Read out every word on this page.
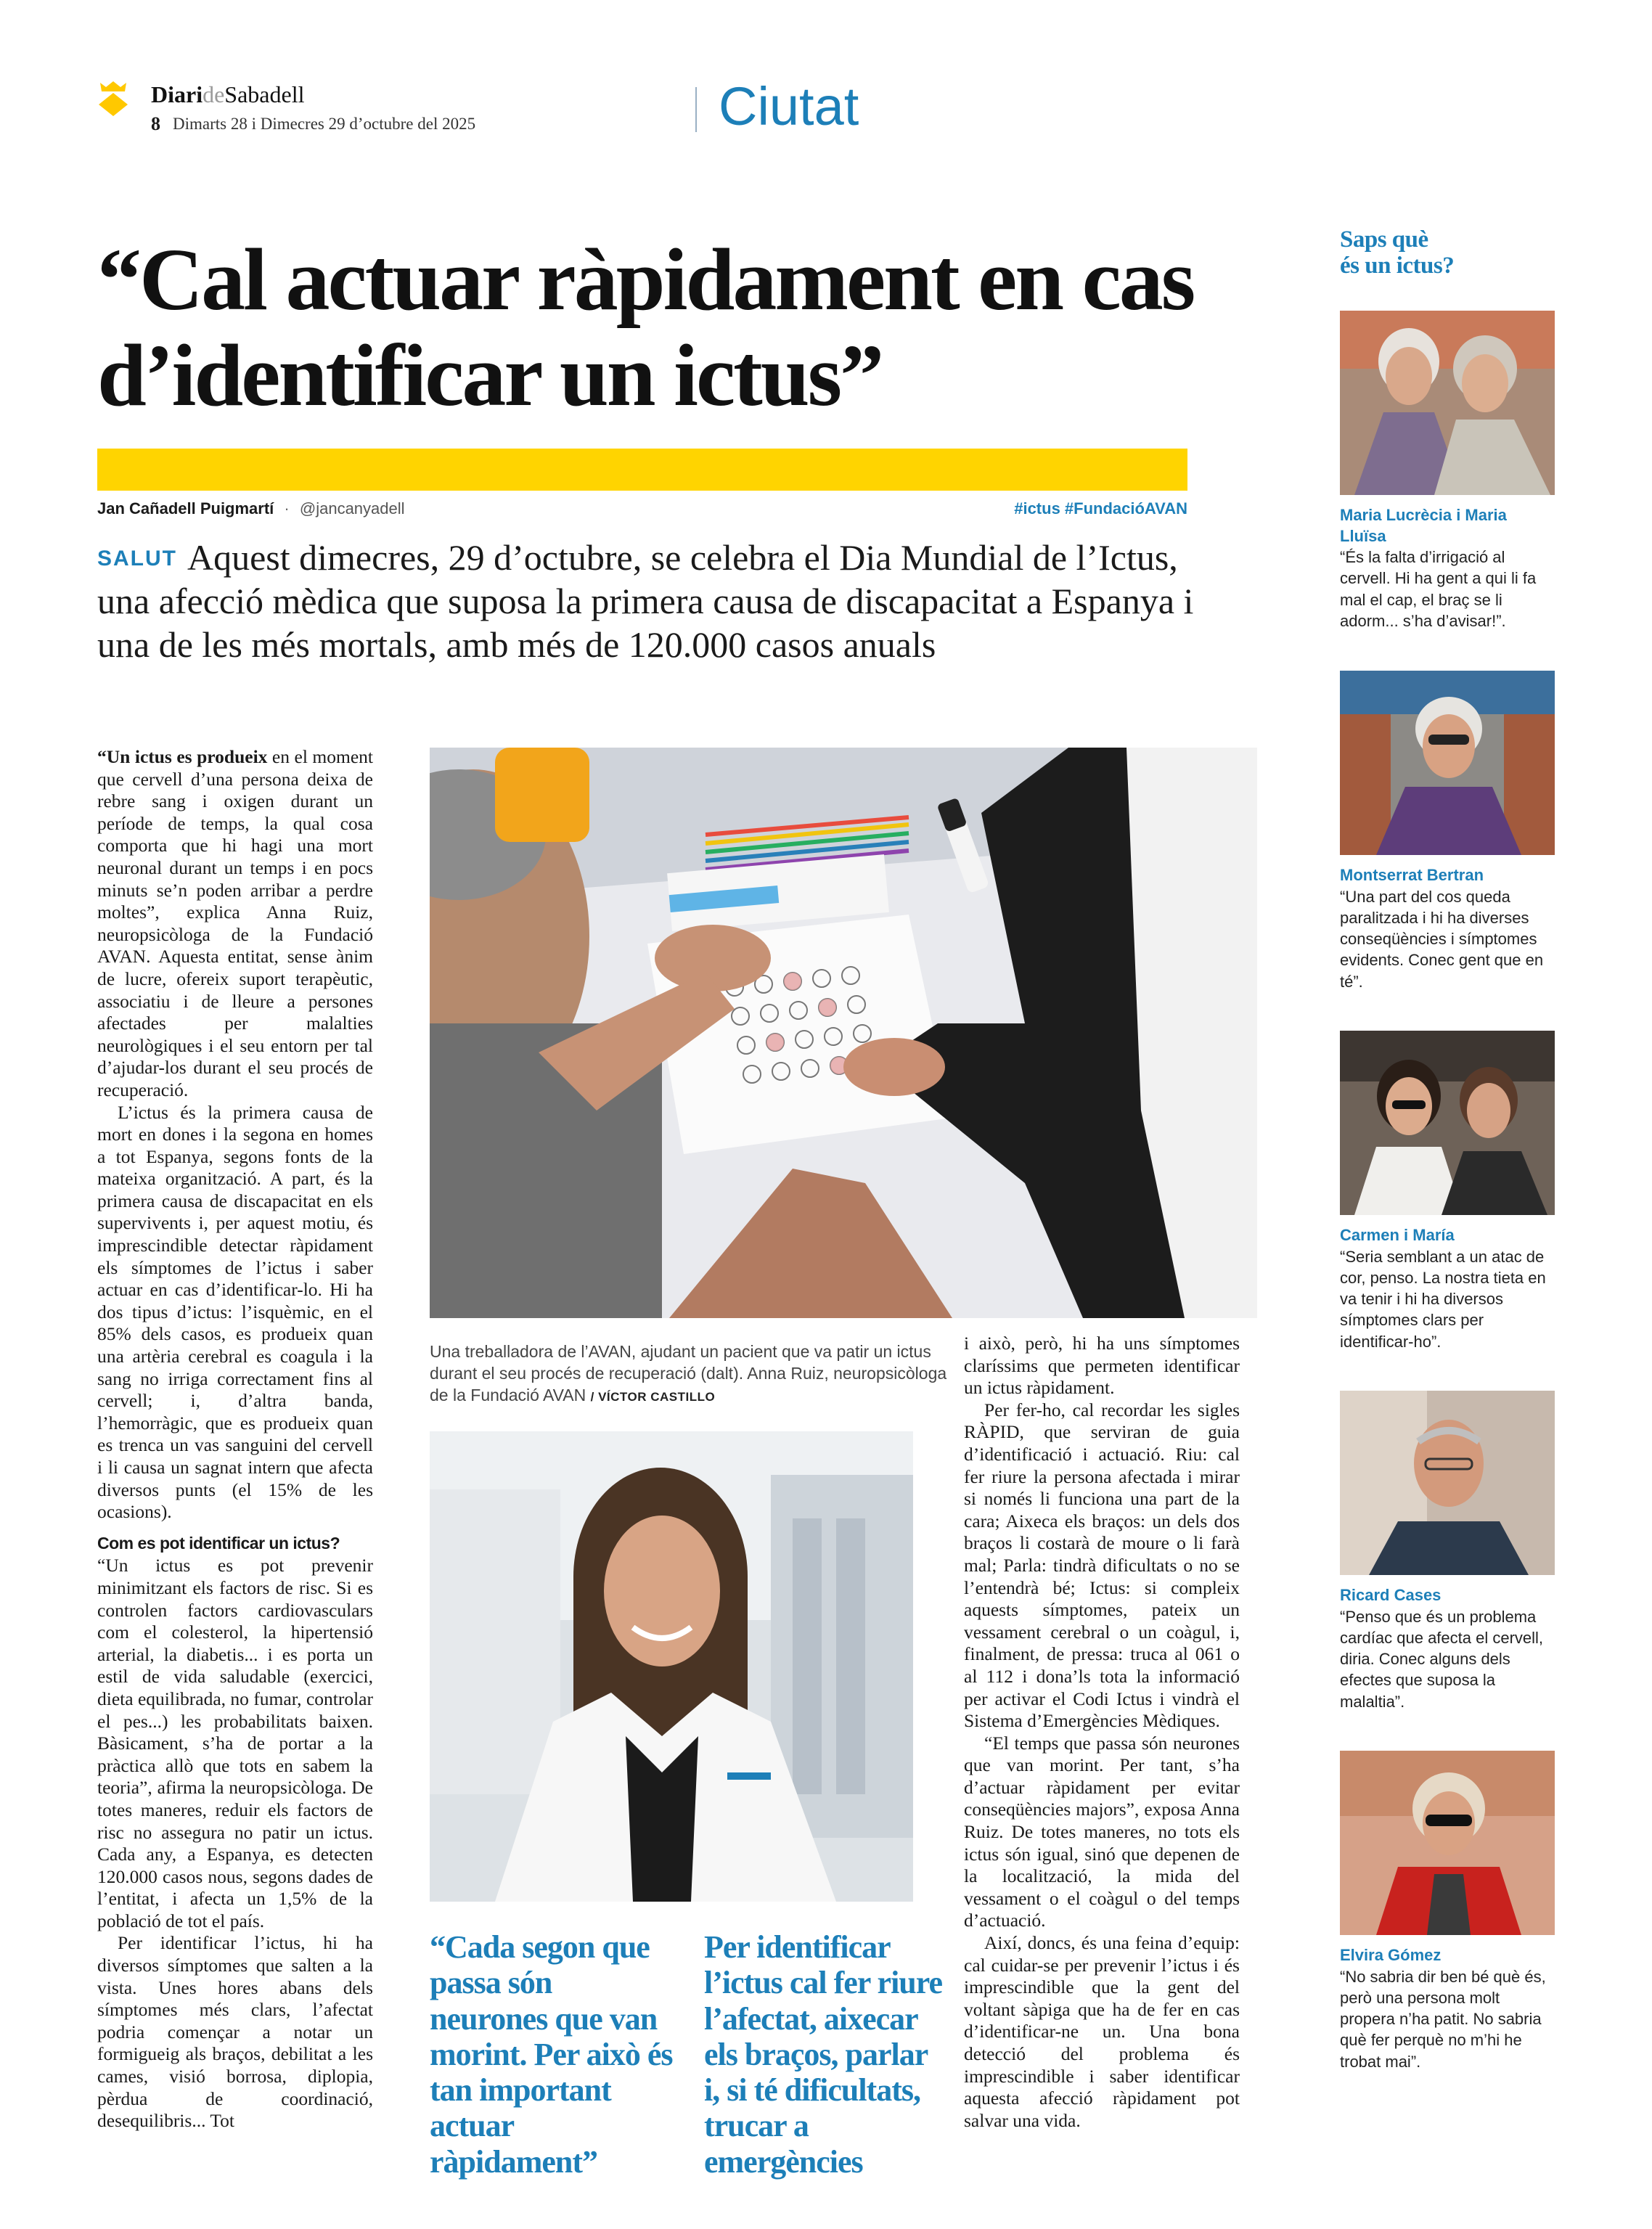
DiarideSabadell
8 Dimarts 28 i Dimecres 29 d’octubre del 2025	Ciutat
“Cal actuar ràpidament en cas d’identificar un ictus”
Jan Cañadell Puigmartí · @jancanyadell	#ictus #FundacióAVAN

SALUT Aquest dimecres, 29 d’octubre, se celebra el Dia Mundial de l’Ictus, una afecció mèdica que suposa la primera causa de discapacitat a Espanya i una de les més mortals, amb més de 120.000 casos anuals

“Un ictus es produeix en el moment que cervell d’una persona deixa de rebre sang i oxigen durant un període de temps, la qual cosa comporta que hi hagi una mort neuronal durant un temps i en pocs minuts se’n poden arribar a perdre moltes”, explica Anna Ruiz, neuropsicòloga de la Fundació AVAN. Aquesta entitat, sense ànim de lucre, ofereix suport terapèutic, associatiu i de lleure a persones afectades per malalties neurològiques i el seu entorn per tal d’ajudar-los durant el seu procés de recuperació.

L’ictus és la primera causa de mort en dones i la segona en homes a tot Espanya, segons fonts de la mateixa organització. A part, és la primera causa de discapacitat en els supervivents i, per aquest motiu, és imprescindible detectar ràpidament els símptomes de l’ictus i saber actuar en cas d’identificar-lo. Hi ha dos tipus d’ictus: l’isquèmic, en el 85% dels casos, es produeix quan una artèria cerebral es coagula i la sang no irriga correctament fins al cervell; i, d’altra banda, l’hemorràgic, que es produeix quan es trenca un vas sanguini del cervell i li causa un sagnat intern que afecta diversos punts (el 15% de les ocasions).

Com es pot identificar un ictus?

“Un ictus es pot prevenir minimitzant els factors de risc. Si es controlen factors cardiovasculars com el colesterol, la hipertensió arterial, la diabetis... i es porta un estil de vida saludable (exercici, dieta equilibrada, no fumar, controlar el pes...) les probabilitats baixen. Bàsicament, s’ha de portar a la pràctica allò que tots en sabem la teoria”, afirma la neuropsicòloga. De totes maneres, reduir els factors de risc no assegura no patir un ictus. Cada any, a Espanya, es detecten 120.000 casos nous, segons dades de l’entitat, i afecta un 1,5% de la població de tot el país.

Per identificar l’ictus, hi ha diversos símptomes que salten a la vista. Unes hores abans dels símptomes més clars, l’afectat podria començar a notar un formigueig als braços, debilitat a les cames, visió borrosa, diplopia, pèrdua de coordinació, desequilibris... Tot

Una treballadora de l’AVAN, ajudant un pacient que va patir un ictus durant el seu procés de recuperació (dalt). Anna Ruiz, neuropsicòloga de la Fundació AVAN / VÍCTOR CASTILLO
“Cada segon que passa són neurones que van morint. Per això és tan important actuar ràpidament”
Per identificar l’ictus cal fer riure l’afectat, aixecar els braços, parlar i, si té dificultats, trucar a emergències

i això, però, hi ha uns símptomes claríssims que permeten identificar un ictus ràpidament.

Per fer-ho, cal recordar les sigles RÀPID, que serviran de guia d’identificació i actuació. Riu: cal fer riure la persona afectada i mirar si només li funciona una part de la cara; Aixeca els braços: un dels dos braços li costarà de moure o li farà mal; Parla: tindrà dificultats o no se l’entendrà bé; Ictus: si compleix aquests símptomes, pateix un vessament cerebral o un coàgul, i, finalment, de pressa: truca al 061 o al 112 i dona’ls tota la informació per activar el Codi Ictus i vindrà el Sistema d’Emergències Mèdiques.

“El temps que passa són neurones que van morint. Per tant, s’ha d’actuar ràpidament per evitar conseqüències majors”, exposa Anna Ruiz. De totes maneres, no tots els ictus són igual, sinó que depenen de la localització, la mida del vessament o el coàgul o del temps d’actuació.

Així, doncs, és una feina d’equip: cal cuidar-se per prevenir l’ictus i és imprescindible que la gent del voltant sàpiga que ha de fer en cas d’identificar-ne un. Una bona detecció del problema és imprescindible i saber identificar aquesta afecció ràpidament pot salvar una vida.

Saps què
és un ictus?
Maria Lucrècia i Maria Lluïsa
“És la falta d’irrigació al cervell. Hi ha gent a qui li fa mal el cap, el braç se li adorm... s’ha d’avisar!”.
Montserrat Bertran
“Una part del cos queda paralitzada i hi ha diverses conseqüències i símptomes evidents. Conec gent que en té”.
Carmen i María
“Seria semblant a un atac de cor, penso. La nostra tieta en va tenir i hi ha diversos símptomes clars per identificar-ho”.
Ricard Cases
“Penso que és un problema cardíac que afecta el cervell, diria. Conec alguns dels efectes que suposa la malaltia”.
Elvira Gómez
“No sabria dir ben bé què és, però una persona molt propera n’ha patit. No sabria què fer perquè no m’hi he trobat mai”.
